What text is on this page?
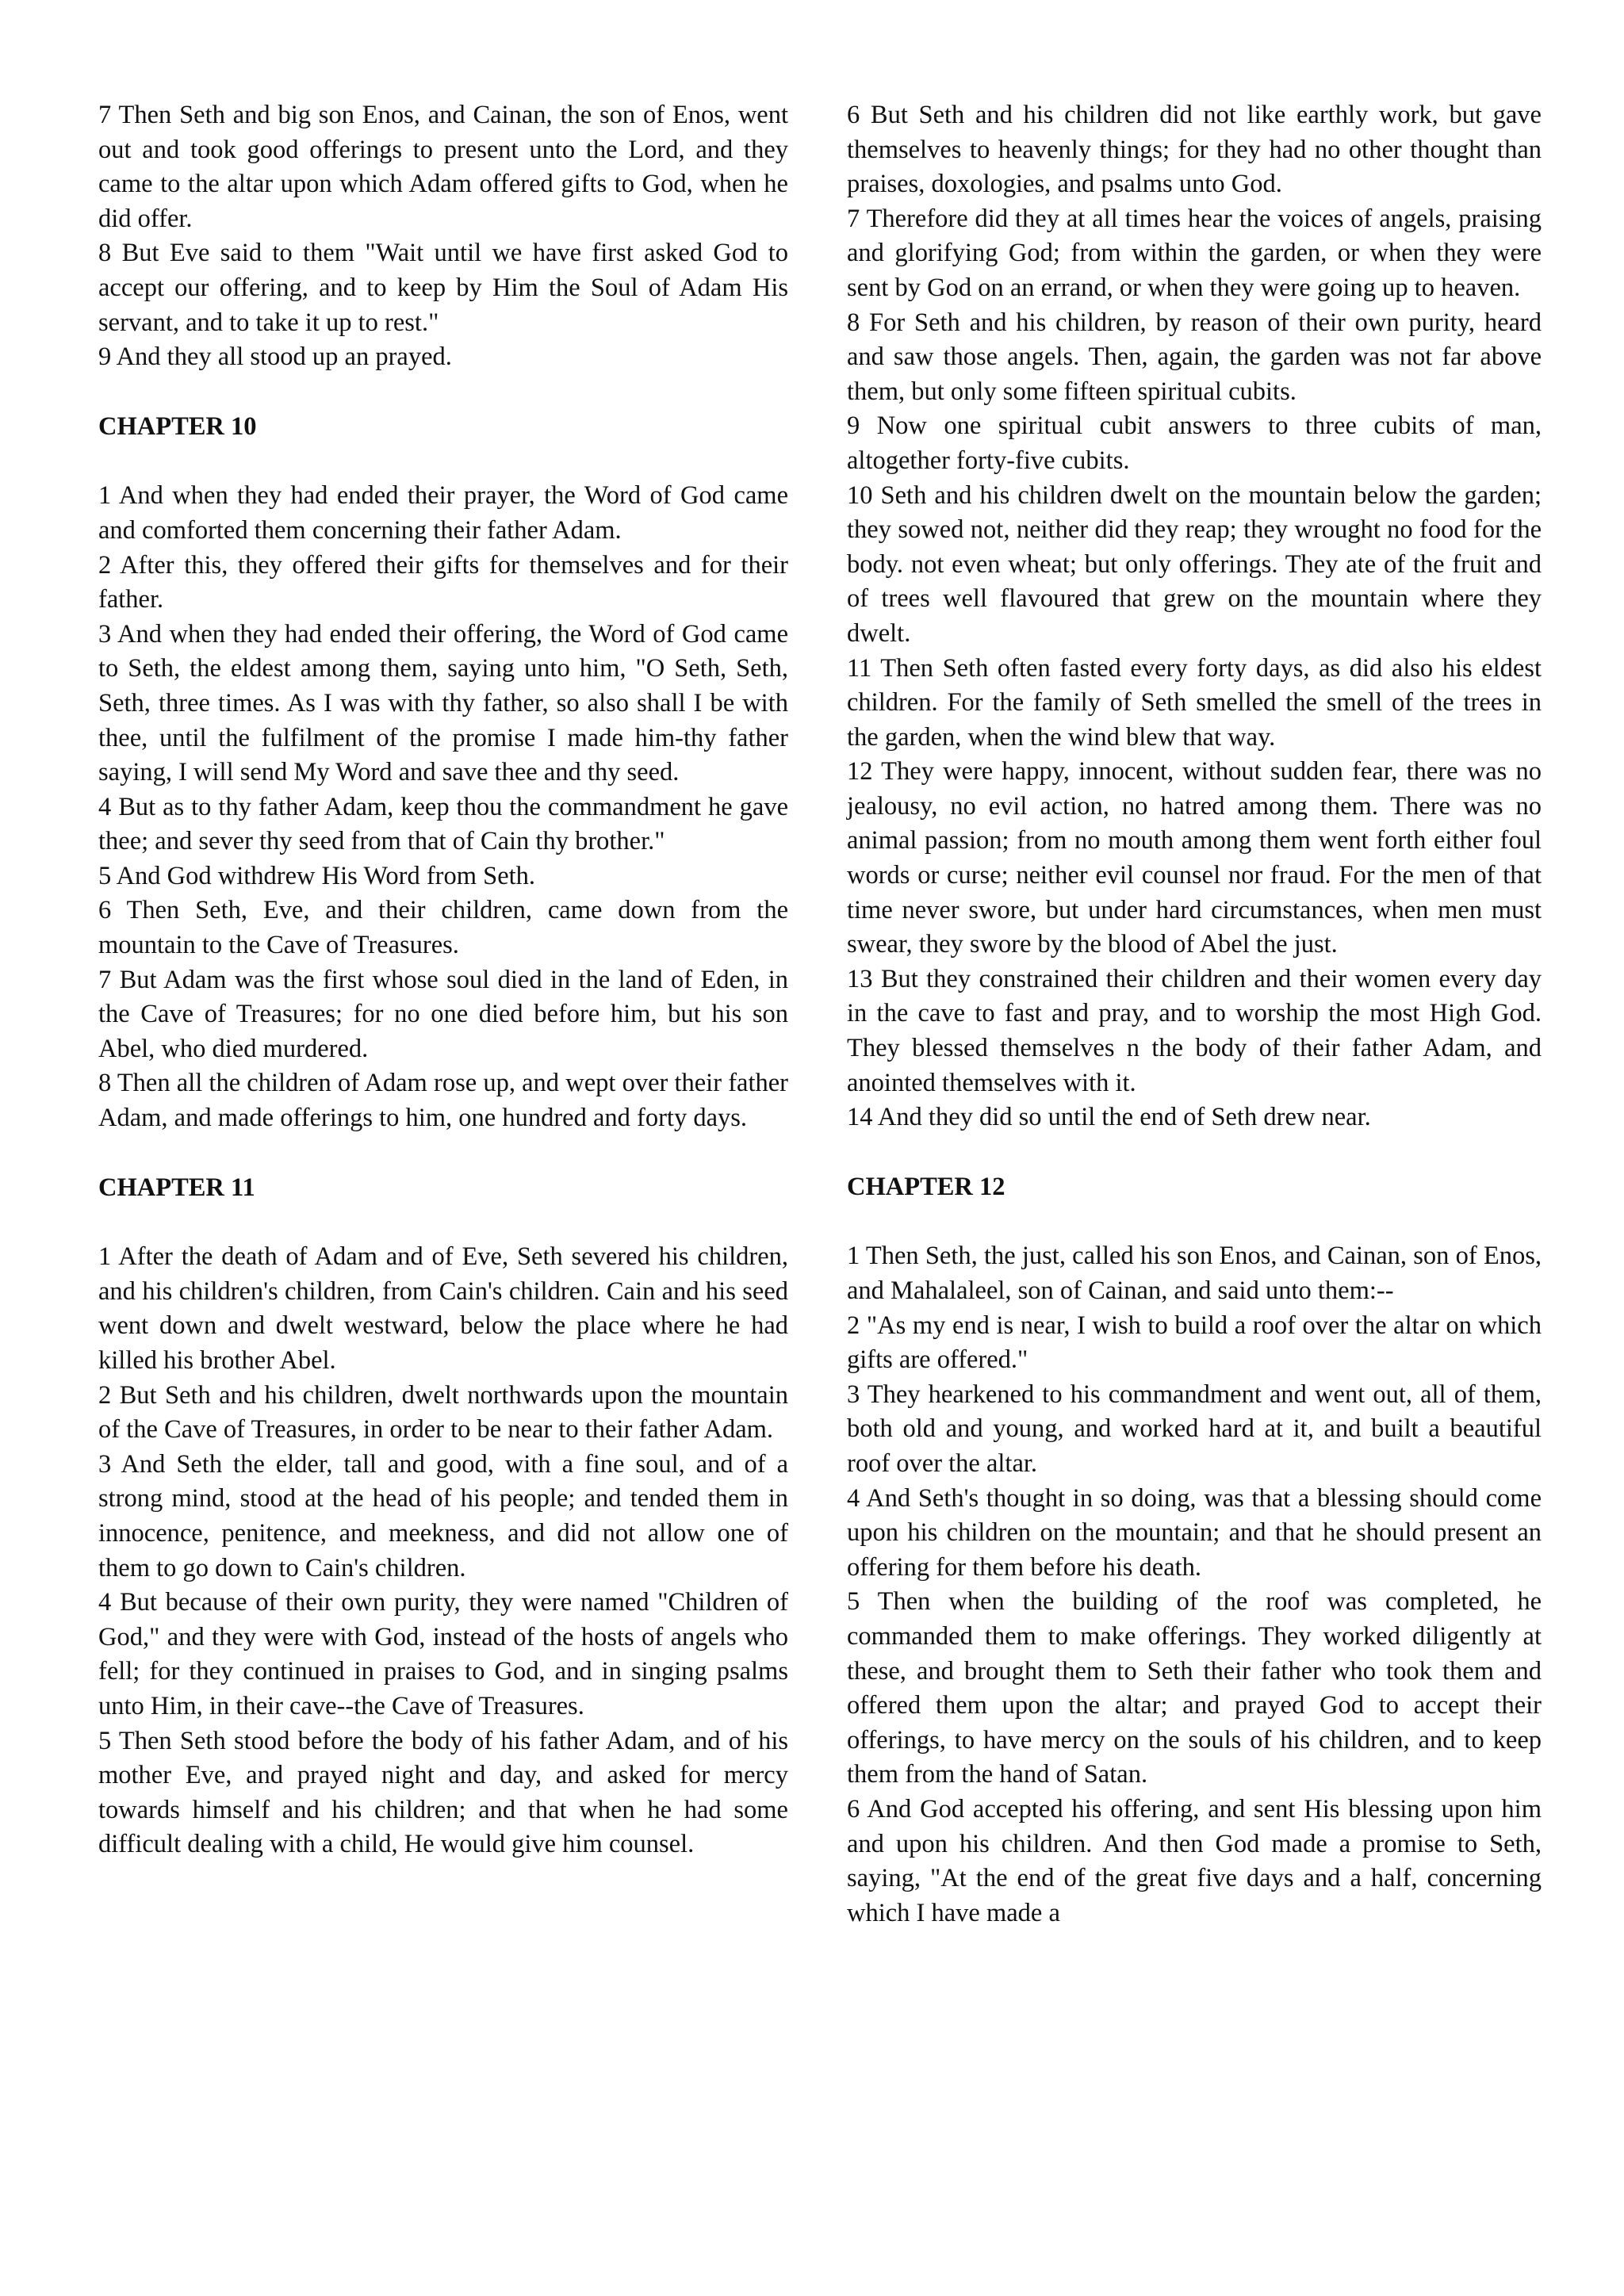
7 Then Seth and big son Enos, and Cainan, the son of Enos, went out and took good offerings to present unto the Lord, and they came to the altar upon which Adam offered gifts to God, when he did offer.

8 But Eve said to them "Wait until we have first asked God to accept our offering, and to keep by Him the Soul of Adam His servant, and to take it up to rest."

9 And they all stood up an prayed.

CHAPTER 10

1 And when they had ended their prayer, the Word of God came and comforted them concerning their father Adam.

2 After this, they offered their gifts for themselves and for their father.

3 And when they had ended their offering, the Word of God came to Seth, the eldest among them, saying unto him, "O Seth, Seth, Seth, three times. As I was with thy father, so also shall I be with thee, until the fulfilment of the promise I made him-thy father saying, I will send My Word and save thee and thy seed.

4 But as to thy father Adam, keep thou the commandment he gave thee; and sever thy seed from that of Cain thy brother."

5 And God withdrew His Word from Seth.

6 Then Seth, Eve, and their children, came down from the mountain to the Cave of Treasures.

7 But Adam was the first whose soul died in the land of Eden, in the Cave of Treasures; for no one died before him, but his son Abel, who died murdered.

8 Then all the children of Adam rose up, and wept over their father Adam, and made offerings to him, one hundred and forty days.

CHAPTER 11

1 After the death of Adam and of Eve, Seth severed his children, and his children's children, from Cain's children. Cain and his seed went down and dwelt westward, below the place where he had killed his brother Abel.

2 But Seth and his children, dwelt northwards upon the mountain of the Cave of Treasures, in order to be near to their father Adam.

3 And Seth the elder, tall and good, with a fine soul, and of a strong mind, stood at the head of his people; and tended them in innocence, penitence, and meekness, and did not allow one of them to go down to Cain's children.

4 But because of their own purity, they were named "Children of God," and they were with God, instead of the hosts of angels who fell; for they continued in praises to God, and in singing psalms unto Him, in their cave--the Cave of Treasures.

5 Then Seth stood before the body of his father Adam, and of his mother Eve, and prayed night and day, and asked for mercy towards himself and his children; and that when he had some difficult dealing with a child, He would give him counsel.

6 But Seth and his children did not like earthly work, but gave themselves to heavenly things; for they had no other thought than praises, doxologies, and psalms unto God.

7 Therefore did they at all times hear the voices of angels, praising and glorifying God; from within the garden, or when they were sent by God on an errand, or when they were going up to heaven.

8 For Seth and his children, by reason of their own purity, heard and saw those angels. Then, again, the garden was not far above them, but only some fifteen spiritual cubits.

9 Now one spiritual cubit answers to three cubits of man, altogether forty-five cubits.

10 Seth and his children dwelt on the mountain below the garden; they sowed not, neither did they reap; they wrought no food for the body. not even wheat; but only offerings. They ate of the fruit and of trees well flavoured that grew on the mountain where they dwelt.

11 Then Seth often fasted every forty days, as did also his eldest children. For the family of Seth smelled the smell of the trees in the garden, when the wind blew that way.

12 They were happy, innocent, without sudden fear, there was no jealousy, no evil action, no hatred among them. There was no animal passion; from no mouth among them went forth either foul words or curse; neither evil counsel nor fraud. For the men of that time never swore, but under hard circumstances, when men must swear, they swore by the blood of Abel the just.

13 But they constrained their children and their women every day in the cave to fast and pray, and to worship the most High God. They blessed themselves n the body of their father Adam, and anointed themselves with it.

14 And they did so until the end of Seth drew near.

CHAPTER 12

1 Then Seth, the just, called his son Enos, and Cainan, son of Enos, and Mahalaleel, son of Cainan, and said unto them:--

2 "As my end is near, I wish to build a roof over the altar on which gifts are offered."

3 They hearkened to his commandment and went out, all of them, both old and young, and worked hard at it, and built a beautiful roof over the altar.

4 And Seth's thought in so doing, was that a blessing should come upon his children on the mountain; and that he should present an offering for them before his death.

5 Then when the building of the roof was completed, he commanded them to make offerings. They worked diligently at these, and brought them to Seth their father who took them and offered them upon the altar; and prayed God to accept their offerings, to have mercy on the souls of his children, and to keep them from the hand of Satan.

6 And God accepted his offering, and sent His blessing upon him and upon his children. And then God made a promise to Seth, saying, "At the end of the great five days and a half, concerning which I have made a
